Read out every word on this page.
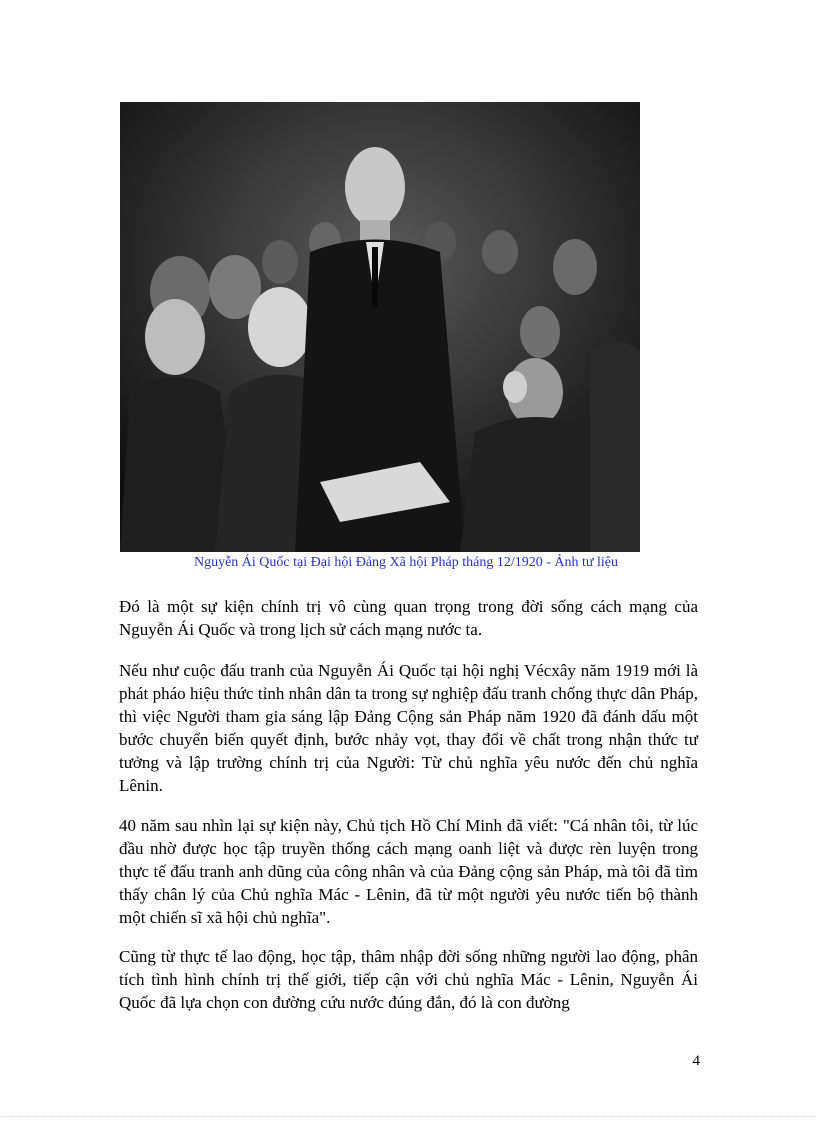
Nguyễn Ái Quốc tại Đại hội Đảng Xã hội Pháp tháng 12/1920 - Ảnh tư liệu

Đó là một sự kiện chính trị vô cùng quan trọng trong đời sống cách mạng của Nguyễn Ái Quốc và trong lịch sử cách mạng nước ta.

Nếu như cuộc đấu tranh của Nguyễn Ái Quốc tại hội nghị Vécxây năm 1919 mới là phát pháo hiệu thức tỉnh nhân dân ta trong sự nghiệp đấu tranh chống thực dân Pháp, thì việc Người tham gia sáng lập Đảng Cộng sản Pháp năm 1920 đã đánh dấu một bước chuyển biến quyết định, bước nhảy vọt, thay đổi về chất trong nhận thức tư tưởng và lập trường chính trị của Người: Từ chủ nghĩa yêu nước đến chủ nghĩa Lênin.

40 năm sau nhìn lại sự kiện này, Chủ tịch Hồ Chí Minh đã viết: "Cá nhân tôi, từ lúc đầu nhờ được học tập truyền thống cách mạng oanh liệt và được rèn luyện trong thực tế đấu tranh anh dũng của công nhân và của Đảng cộng sản Pháp, mà tôi đã tìm thấy chân lý của Chủ nghĩa Mác - Lênin, đã từ một người yêu nước tiến bộ thành một chiến sĩ xã hội chủ nghĩa".

Cũng từ thực tế lao động, học tập, thâm nhập đời sống những người lao động, phân tích tình hình chính trị thế giới, tiếp cận với chủ nghĩa Mác - Lênin, Nguyễn Ái Quốc đã lựa chọn con đường cứu nước đúng đắn, đó là con đường

4
